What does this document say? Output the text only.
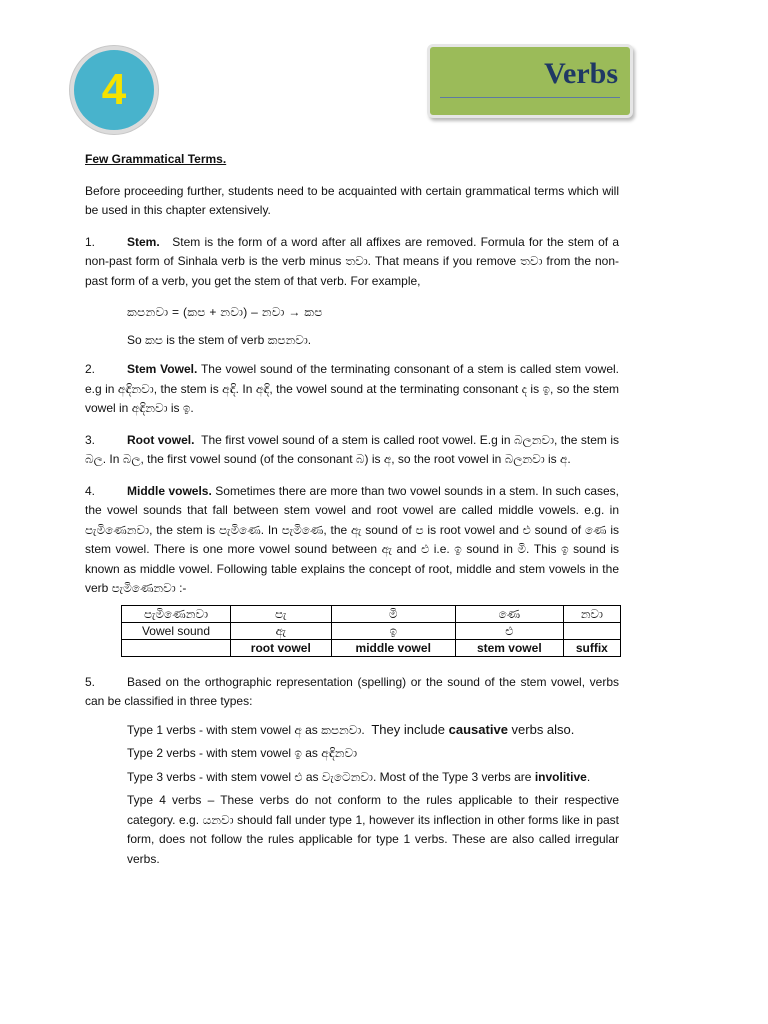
4	Verbs
Few Grammatical Terms.

Before proceeding further, students need to be acquainted with certain grammatical terms which will be used in this chapter extensively.

1.	Stem. Stem is the form of a word after all affixes are removed. Formula for the stem of a non-past form of Sinhala verb is the verb minus තවා. That means if you remove තවා from the non-past form of a verb, you get the stem of that verb. For example,

කපනවා = (කප + නවා) – නවා → කප
So කප is the stem of verb කපනවා.

2.	Stem Vowel. The vowel sound of the terminating consonant of a stem is called stem vowel. e.g in අඳිනවා, the stem is අඳි. In අඳි, the vowel sound at the terminating consonant ද is ඉ, so the stem vowel in අඳිනවා is ඉ.

3.	Root vowel. The first vowel sound of a stem is called root vowel. E.g in බලනවා, the stem is බල. In බල, the first vowel sound (of the consonant බ) is අ, so the root vowel in බලනවා is අ.

4.	Middle vowels. Sometimes there are more than two vowel sounds in a stem. In such cases, the vowel sounds that fall between stem vowel and root vowel are called middle vowels. e.g. in පැමිණෙනවා, the stem is පැමිණෙ. In පැමිණෙ, the ඇ sound of ප is root vowel and එ sound of ණෙ is stem vowel. There is one more vowel sound between ඇ and එ i.e. ඉ sound in මි. This ඉ sound is known as middle vowel. Following table explains the concept of root, middle and stem vowels in the verb පැමිණෙනවා :-

පැමිණෙනවා	පැ	මි	ණෙ	නවා
Vowel sound	ඇ	ඉ	එ	
	root vowel	middle vowel	stem vowel	suffix

5.	Based on the orthographic representation (spelling) or the sound of the stem vowel, verbs can be classified in three types:

Type 1 verbs - with stem vowel අ as කපනවා. They include causative verbs also.
Type 2 verbs - with stem vowel ඉ as අඳිනවා
Type 3 verbs - with stem vowel එ as වැටෙනවා. Most of the Type 3 verbs are involitive.
Type 4 verbs – These verbs do not conform to the rules applicable to their respective category. e.g. යනවා should fall under type 1, however its inflection in other forms like in past form, does not follow the rules applicable for type 1 verbs. These are also called irregular verbs.
